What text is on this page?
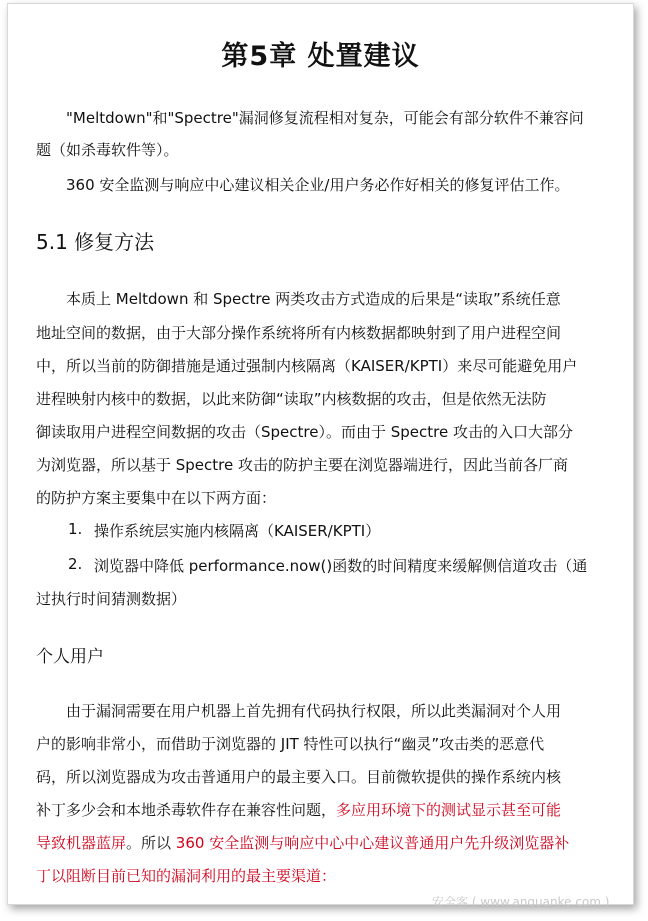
第5章 处置建议
"Meltdown"和"Spectre"漏洞修复流程相对复杂，可能会有部分软件不兼容问
题（如杀毒软件等）。
360 安全监测与响应中心建议相关企业/用户务必作好相关的修复评估工作。
5.1 修复方法
本质上 Meltdown 和 Spectre 两类攻击方式造成的后果是“读取”系统任意
地址空间的数据，由于大部分操作系统将所有内核数据都映射到了用户进程空间
中，所以当前的防御措施是通过强制内核隔离（KAISER/KPTI）来尽可能避免用户
进程映射内核中的数据，以此来防御“读取”内核数据的攻击，但是依然无法防
御读取用户进程空间数据的攻击（Spectre）。而由于 Spectre 攻击的入口大部分
为浏览器，所以基于 Spectre 攻击的防护主要在浏览器端进行，因此当前各厂商
的防护方案主要集中在以下两方面：
1. 操作系统层实施内核隔离（KAISER/KPTI）
2. 浏览器中降低 performance.now()函数的时间精度来缓解侧信道攻击（通
过执行时间猜测数据）
个人用户
由于漏洞需要在用户机器上首先拥有代码执行权限，所以此类漏洞对个人用
户的影响非常小，而借助于浏览器的 JIT 特性可以执行“幽灵”攻击类的恶意代
码，所以浏览器成为攻击普通用户的最主要入口。目前微软提供的操作系统内核
补丁多少会和本地杀毒软件存在兼容性问题，多应用环境下的测试显示甚至可能
导致机器蓝屏。所以 360 安全监测与响应中心中心建议普通用户先升级浏览器补
丁以阻断目前已知的漏洞利用的最主要渠道：
安全客 ( www.anquanke.com )
